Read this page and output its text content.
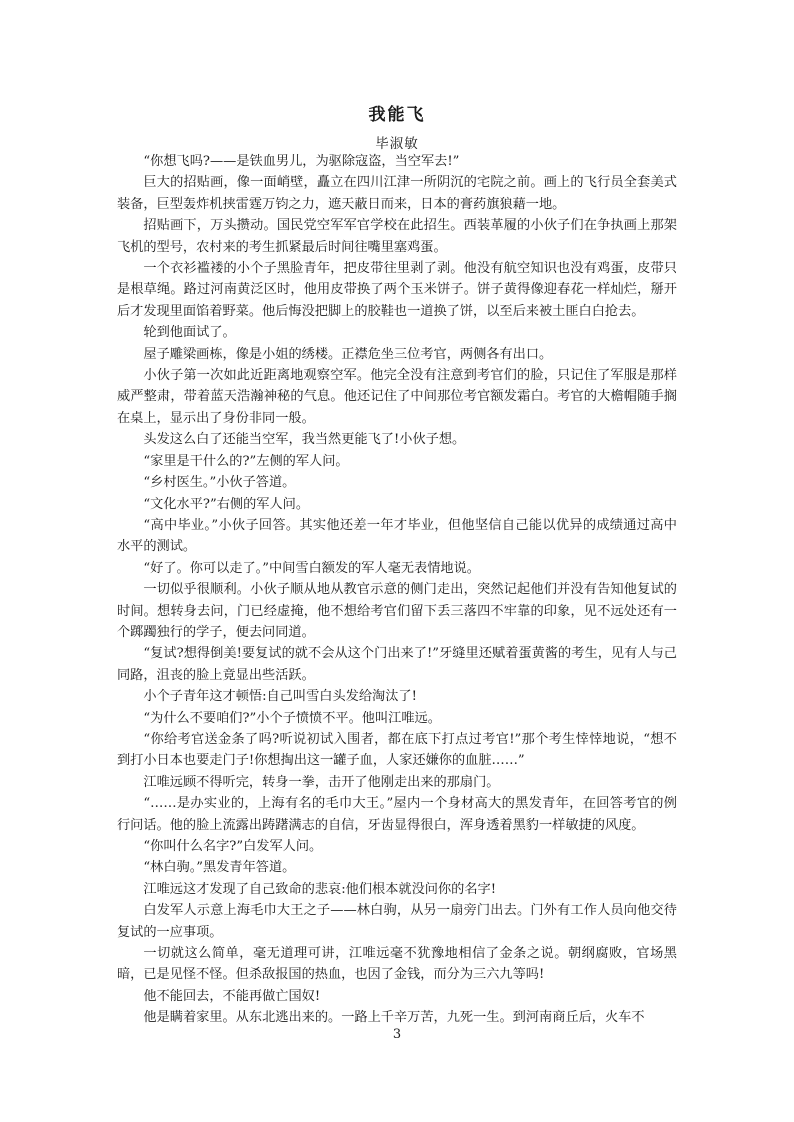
我能飞
毕淑敏

“你想飞吗?——是铁血男儿，为驱除寇盗，当空军去!”

巨大的招贴画，像一面峭壁，矗立在四川江津一所阴沉的宅院之前。画上的飞行员全套美式装备，巨型轰炸机挟雷霆万钧之力，遮天蔽日而来，日本的膏药旗狼藉一地。

招贴画下，万头攒动。国民党空军军官学校在此招生。西装革履的小伙子们在争执画上那架飞机的型号，农村来的考生抓紧最后时间往嘴里塞鸡蛋。

一个衣衫褴褛的小个子黑脸青年，把皮带往里剥了剥。他没有航空知识也没有鸡蛋，皮带只是根草绳。路过河南黄泛区时，他用皮带换了两个玉米饼子。饼子黄得像迎春花一样灿烂，掰开后才发现里面馅着野菜。他后悔没把脚上的胶鞋也一道换了饼，以至后来被土匪白白抢去。

轮到他面试了。

屋子雕梁画栋，像是小姐的绣楼。正襟危坐三位考官，两侧各有出口。

小伙子第一次如此近距离地观察空军。他完全没有注意到考官们的脸，只记住了军服是那样威严整肃，带着蓝天浩瀚神秘的气息。他还记住了中间那位考官额发霜白。考官的大檐帽随手搁在桌上，显示出了身份非同一般。

头发这么白了还能当空军，我当然更能飞了!小伙子想。

“家里是干什么的?”左侧的军人问。

“乡村医生。”小伙子答道。

“文化水平?”右侧的军人问。

“高中毕业。”小伙子回答。其实他还差一年才毕业，但他坚信自己能以优异的成绩通过高中水平的测试。

“好了。你可以走了。”中间雪白额发的军人毫无表情地说。

一切似乎很顺利。小伙子顺从地从教官示意的侧门走出，突然记起他们并没有告知他复试的时间。想转身去问，门已经虚掩，他不想给考官们留下丢三落四不牢靠的印象，见不远处还有一个踯躅独行的学子，便去问同道。

“复试?想得倒美!要复试的就不会从这个门出来了!”牙缝里还赋着蛋黄酱的考生，见有人与己同路，沮丧的脸上竟显出些活跃。

小个子青年这才顿悟:自己叫雪白头发给淘汰了!

“为什么不要咱们?”小个子愤愤不平。他叫江唯远。

“你给考官送金条了吗?听说初试入围者，都在底下打点过考官!”那个考生悻悻地说，“想不到打小日本也要走门子!你想掏出这一罐子血，人家还嫌你的血脏……”

江唯远顾不得听完，转身一拳，击开了他刚走出来的那扇门。

“……是办实业的，上海有名的毛巾大王。”屋内一个身材高大的黑发青年，在回答考官的例行问话。他的脸上流露出踌躇满志的自信，牙齿显得很白，浑身透着黑豹一样敏捷的风度。

“你叫什么名字?”白发军人问。

“林白驹。”黑发青年答道。

江唯远这才发现了自己致命的悲哀:他们根本就没问你的名字!

白发军人示意上海毛巾大王之子——林白驹，从另一扇旁门出去。门外有工作人员向他交待复试的一应事项。

一切就这么简单，毫无道理可讲，江唯远毫不犹豫地相信了金条之说。朝纲腐败，官场黑暗，已是见怪不怪。但杀敌报国的热血，也因了金钱，而分为三六九等吗!

他不能回去，不能再做亡国奴!

他是瞒着家里。从东北逃出来的。一路上千辛万苦，九死一生。到河南商丘后，火车不

3
